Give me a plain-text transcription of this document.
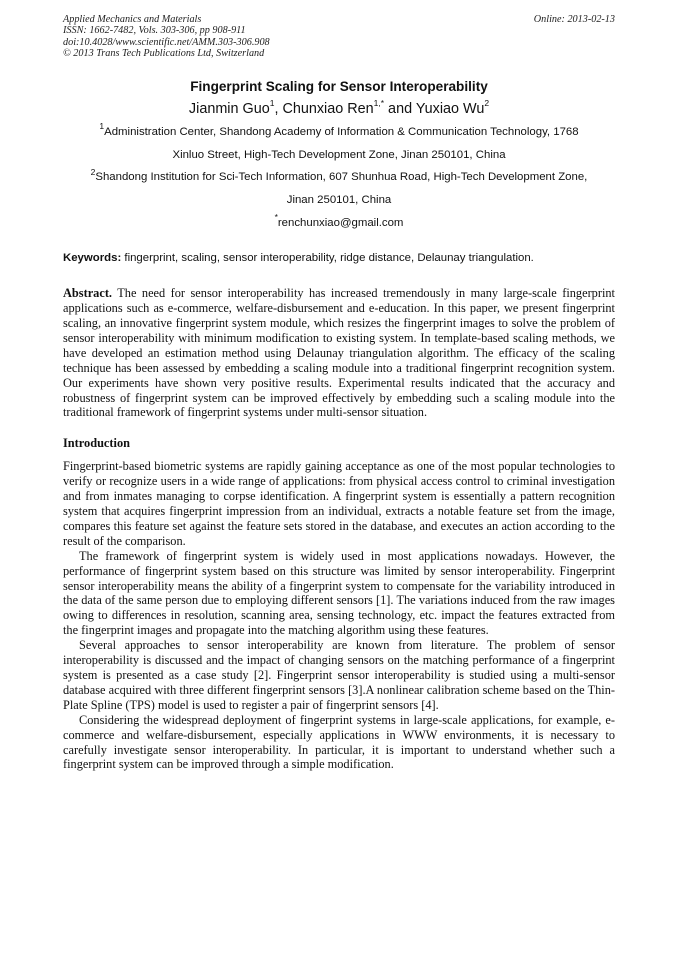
Applied Mechanics and Materials
ISSN: 1662-7482, Vols. 303-306, pp 908-911
doi:10.4028/www.scientific.net/AMM.303-306.908
© 2013 Trans Tech Publications Ltd, Switzerland
Online: 2013-02-13
Fingerprint Scaling for Sensor Interoperability
Jianmin Guo$^1$, Chunxiao Ren$^{1,*}$ and Yuxiao Wu$^2$
$^1$Administration Center, Shandong Academy of Information & Communication Technology, 1768
Xinluo Street, High-Tech Development Zone, Jinan 250101, China
$^2$Shandong Institution for Sci-Tech Information, 607 Shunhua Road, High-Tech Development Zone,
Jinan 250101, China
*renchunxiao@gmail.com
Keywords: fingerprint, scaling, sensor interoperability, ridge distance, Delaunay triangulation.
Abstract. The need for sensor interoperability has increased tremendously in many large-scale fingerprint applications such as e-commerce, welfare-disbursement and e-education. In this paper, we present fingerprint scaling, an innovative fingerprint system module, which resizes the fingerprint images to solve the problem of sensor interoperability with minimum modification to existing system. In template-based scaling methods, we have developed an estimation method using Delaunay triangulation algorithm. The efficacy of the scaling technique has been assessed by embedding a scaling module into a traditional fingerprint recognition system. Our experiments have shown very positive results. Experimental results indicated that the accuracy and robustness of fingerprint system can be improved effectively by embedding such a scaling module into the traditional framework of fingerprint systems under multi-sensor situation.
Introduction

Fingerprint-based biometric systems are rapidly gaining acceptance as one of the most popular technologies to verify or recognize users in a wide range of applications: from physical access control to criminal investigation and from inmates managing to corpse identification. A fingerprint system is essentially a pattern recognition system that acquires fingerprint impression from an individual, extracts a notable feature set from the image, compares this feature set against the feature sets stored in the database, and executes an action according to the result of the comparison.

The framework of fingerprint system is widely used in most applications nowadays. However, the performance of fingerprint system based on this structure was limited by sensor interoperability. Fingerprint sensor interoperability means the ability of a fingerprint system to compensate for the variability introduced in the data of the same person due to employing different sensors [1]. The variations induced from the raw images owing to differences in resolution, scanning area, sensing technology, etc. impact the features extracted from the fingerprint images and propagate into the matching algorithm using these features.

Several approaches to sensor interoperability are known from literature. The problem of sensor interoperability is discussed and the impact of changing sensors on the matching performance of a fingerprint system is presented as a case study [2]. Fingerprint sensor interoperability is studied using a multi-sensor database acquired with three different fingerprint sensors [3].A nonlinear calibration scheme based on the Thin-Plate Spline (TPS) model is used to register a pair of fingerprint sensors [4].

Considering the widespread deployment of fingerprint systems in large-scale applications, for example, e-commerce and welfare-disbursement, especially applications in WWW environments, it is necessary to carefully investigate sensor interoperability. In particular, it is important to understand whether such a fingerprint system can be improved through a simple modification.
